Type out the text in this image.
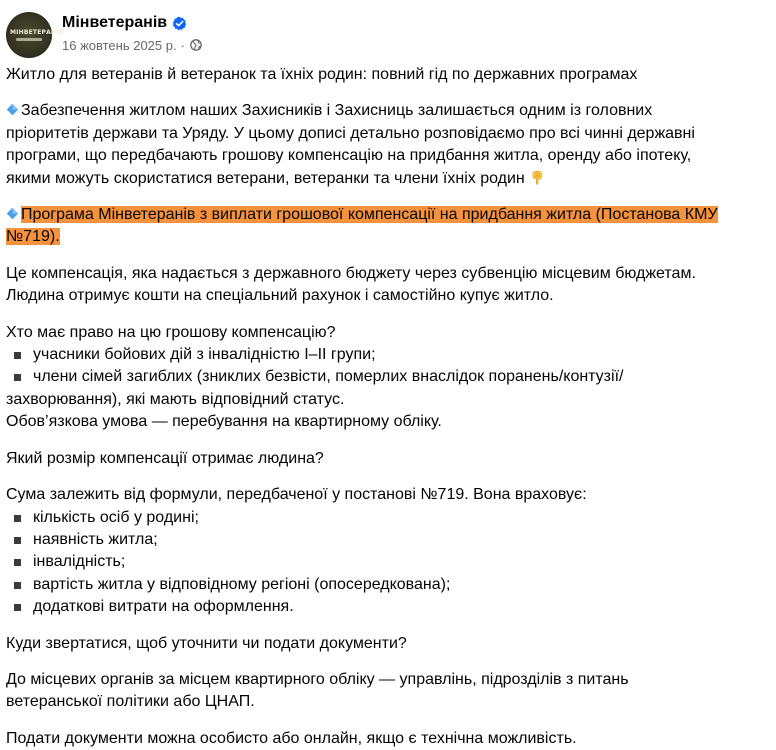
МІНВЕТЕРАНІВ
Мінветеранів
16 жовтень 2025 р. ·

Житло для ветеранів й ветеранок та їхніх родин: повний гід по державних програмах

Забезпечення житлом наших Захисників і Захисниць залишається одним із головних
пріоритетів держави та Уряду. У цьому дописі детально розповідаємо про всі чинні державні
програми, що передбачають грошову компенсацію на придбання житла, оренду або іпотеку,
якими можуть скористатися ветерани, ветеранки та члени їхніх родин
Програма Мінветеранів з виплати грошової компенсації на придбання житла (Постанова КМУ
№719).
Це компенсація, яка надається з державного бюджету через субвенцію місцевим бюджетам.
Людина отримує кошти на спеціальний рахунок і самостійно купує житло.
Хто має право на цю грошову компенсацію?
учасники бойових дій з інвалідністю I–II групи;
члени сімей загиблих (зниклих безвісти, померлих внаслідок поранень/контузії/
захворювання), які мають відповідний статус.
Обов’язкова умова — перебування на квартирному обліку.
Який розмір компенсації отримає людина?
Сума залежить від формули, передбаченої у постанові №719. Вона враховує:
кількість осіб у родині;
наявність житла;
інвалідність;
вартість житла у відповідному регіоні (опосередкована);
додаткові витрати на оформлення.
Куди звертатися, щоб уточнити чи подати документи?
До місцевих органів за місцем квартирного обліку — управлінь, підрозділів з питань
ветеранської політики або ЦНАП.
Подати документи можна особисто або онлайн, якщо є технічна можливість.
